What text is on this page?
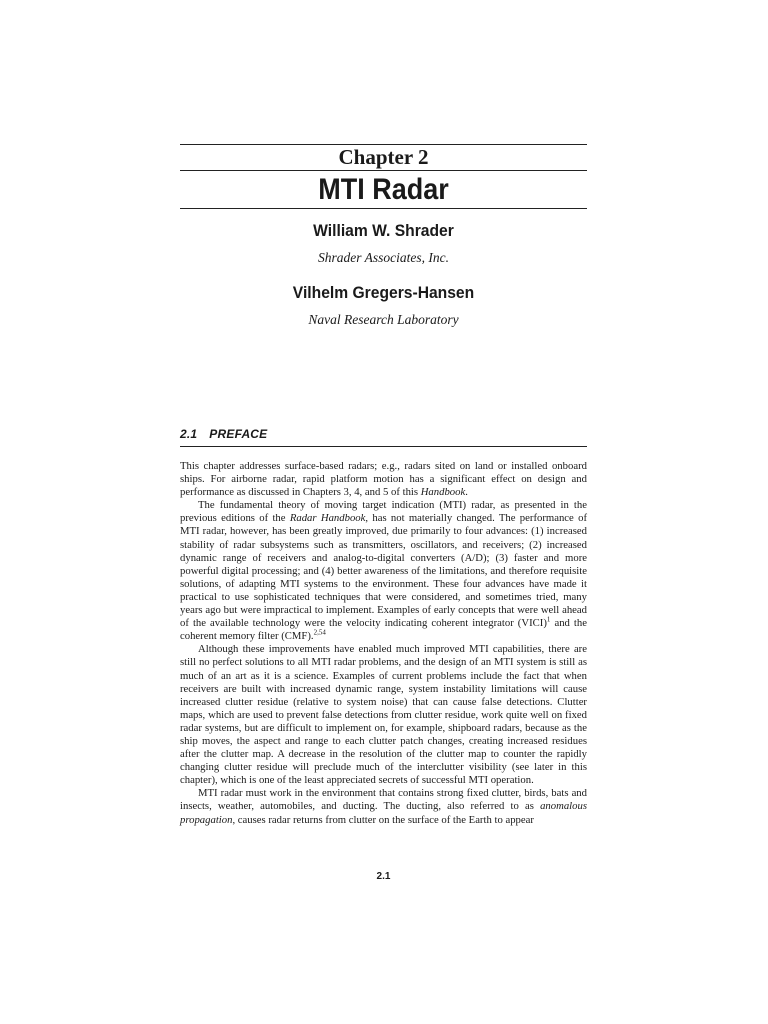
Chapter 2
MTI Radar
William W. Shrader
Shrader Associates, Inc.
Vilhelm Gregers-Hansen
Naval Research Laboratory
2.1 PREFACE

This chapter addresses surface-based radars; e.g., radars sited on land or installed onboard ships. For airborne radar, rapid platform motion has a significant effect on design and performance as discussed in Chapters 3, 4, and 5 of this Handbook.

The fundamental theory of moving target indication (MTI) radar, as presented in the previous editions of the Radar Handbook, has not materially changed. The performance of MTI radar, however, has been greatly improved, due primarily to four advances: (1) increased stability of radar subsystems such as transmitters, oscillators, and receivers; (2) increased dynamic range of receivers and analog-to-digital converters (A/D); (3) faster and more powerful digital processing; and (4) better awareness of the limitations, and therefore requisite solutions, of adapting MTI systems to the environment. These four advances have made it practical to use sophisticated techniques that were considered, and sometimes tried, many years ago but were impractical to implement. Examples of early concepts that were well ahead of the available technology were the velocity indicating coherent integrator (VICI)$^1$ and the coherent memory filter (CMF).$^{2,54}$

Although these improvements have enabled much improved MTI capabilities, there are still no perfect solutions to all MTI radar problems, and the design of an MTI system is still as much of an art as it is a science. Examples of current problems include the fact that when receivers are built with increased dynamic range, system instability limitations will cause increased clutter residue (relative to system noise) that can cause false detections. Clutter maps, which are used to prevent false detections from clutter residue, work quite well on fixed radar systems, but are difficult to implement on, for example, shipboard radars, because as the ship moves, the aspect and range to each clutter patch changes, creating increased residues after the clutter map. A decrease in the resolution of the clutter map to counter the rapidly changing clutter residue will preclude much of the interclutter visibility (see later in this chapter), which is one of the least appreciated secrets of successful MTI operation.

MTI radar must work in the environment that contains strong fixed clutter, birds, bats and insects, weather, automobiles, and ducting. The ducting, also referred to as anomalous propagation, causes radar returns from clutter on the surface of the Earth to appear

2.1
